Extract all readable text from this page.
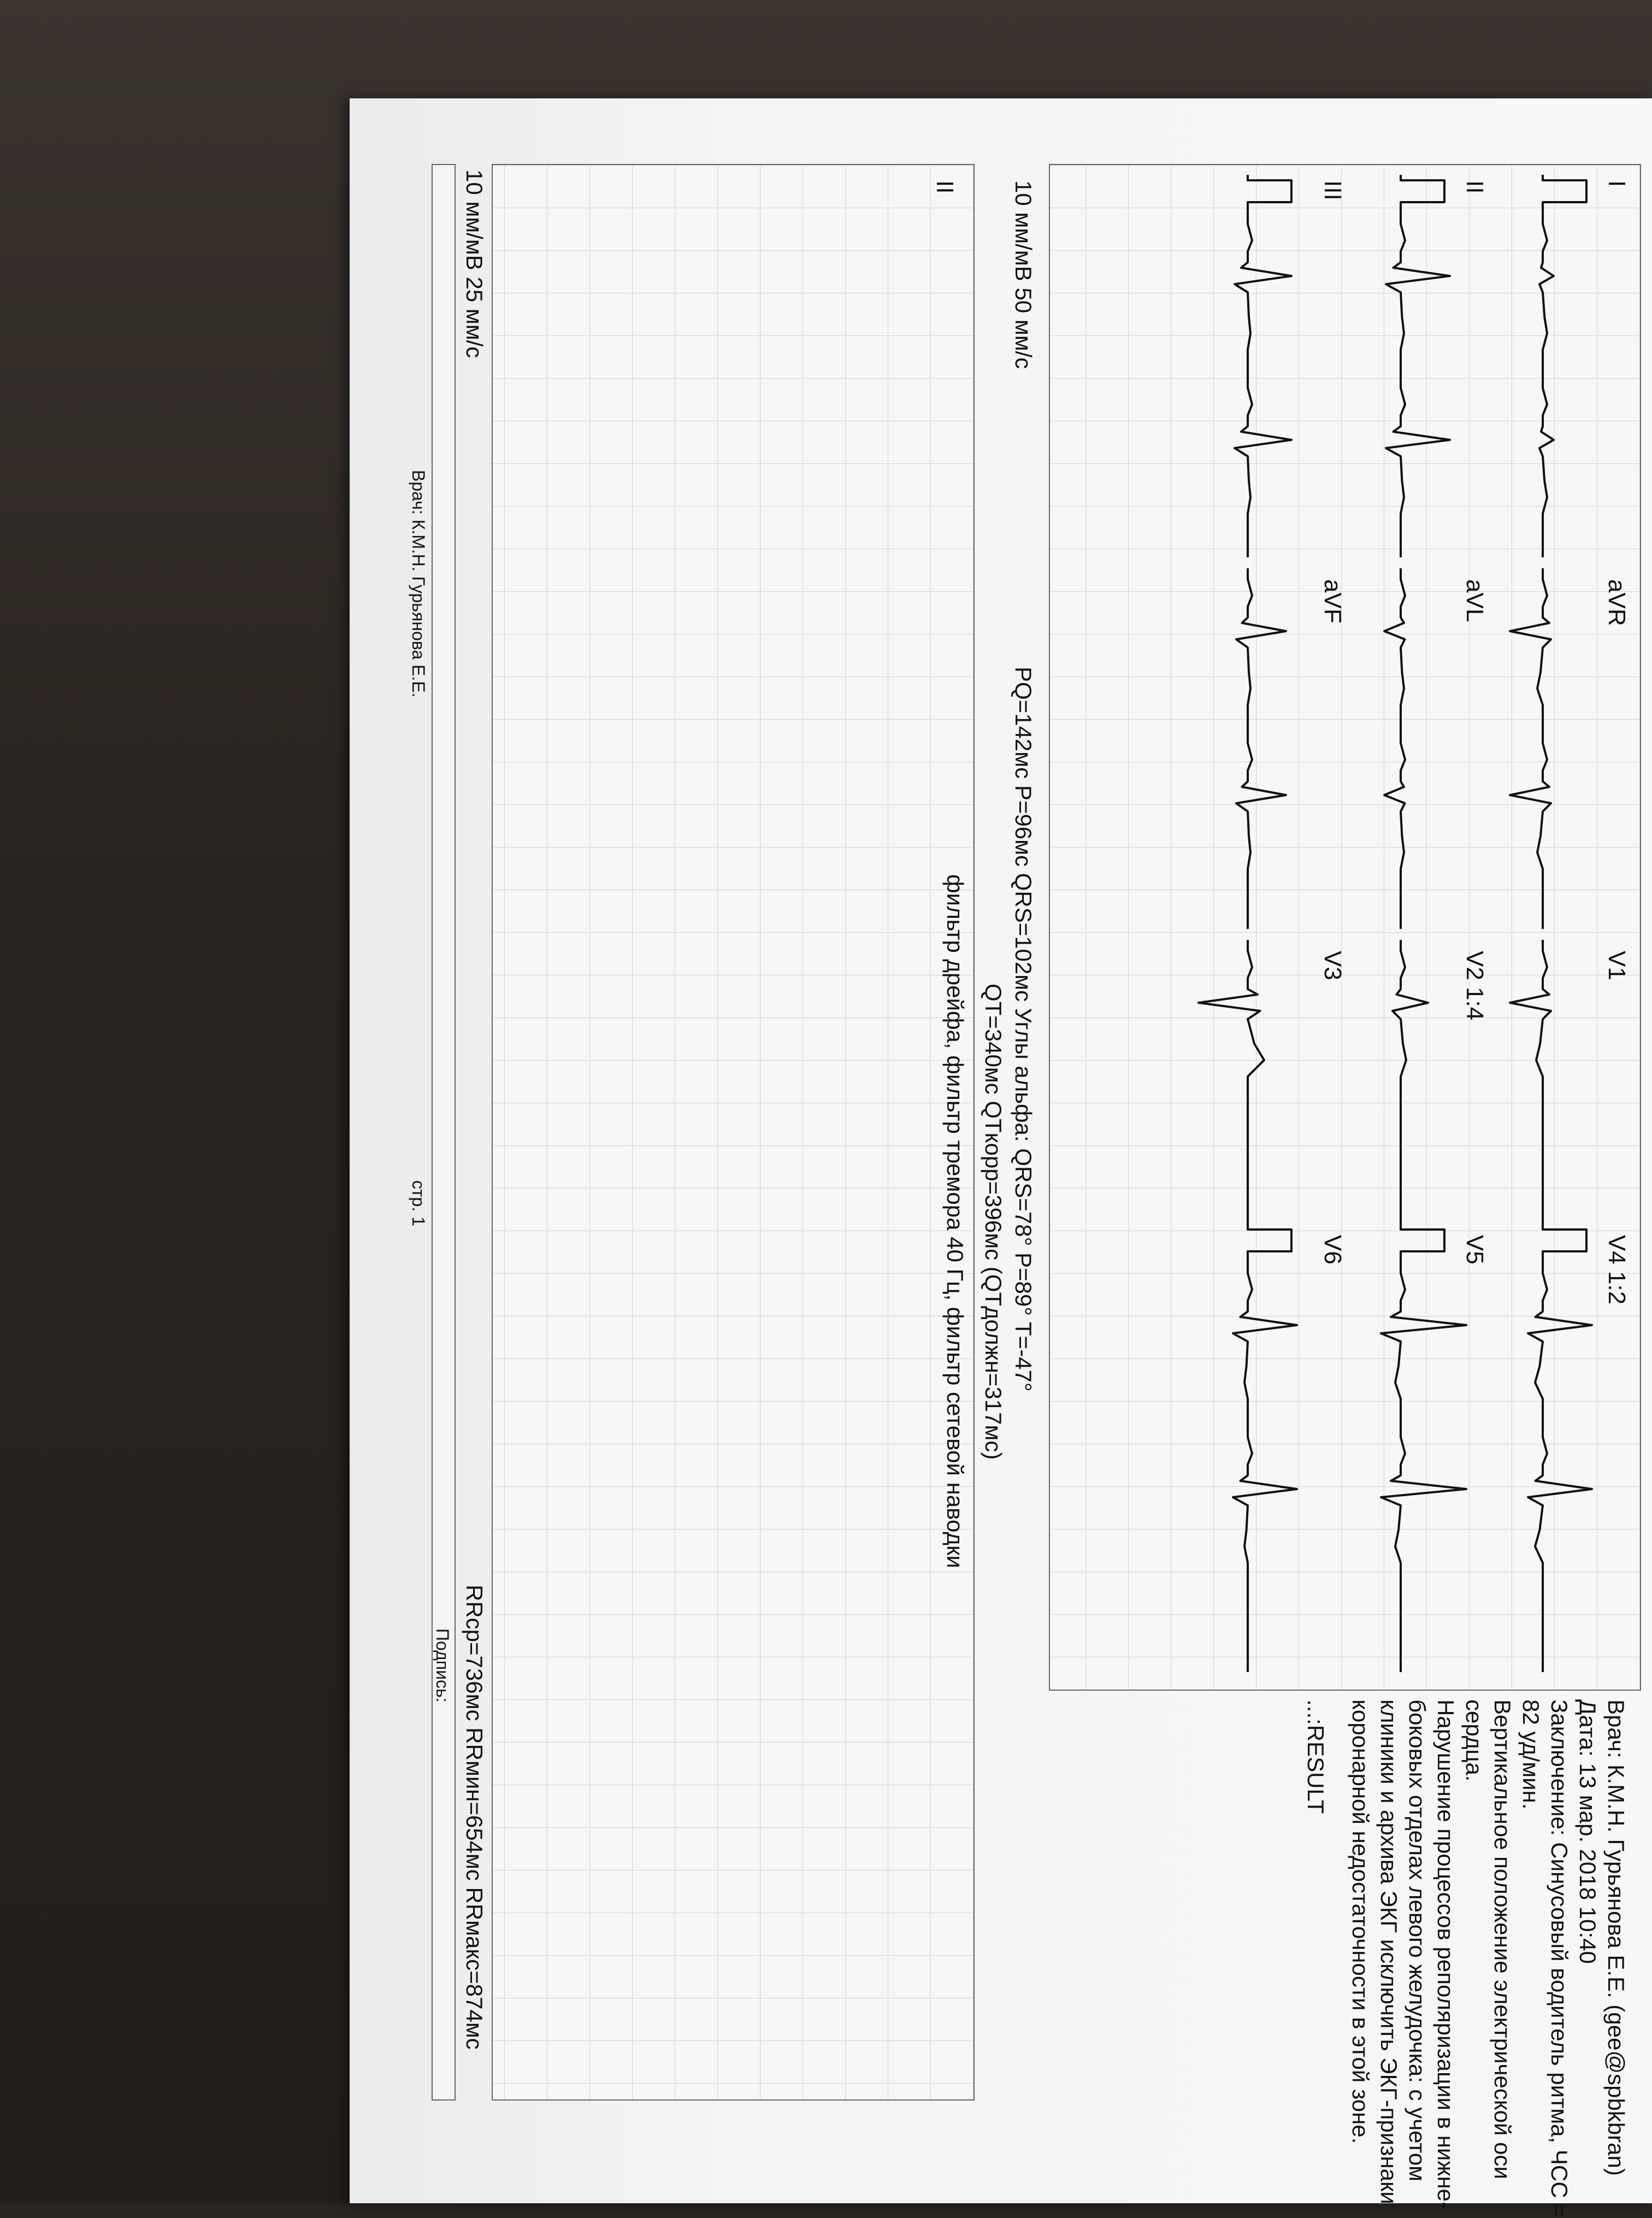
Врач: К.М.Н. Гурьянова Е.Е. (gee@spbkbran)
Дата: 13 мар. 2018 10:40
Заключение: Синусовый водитель ритма, ЧСС =
82 уд/мин.
Вертикальное положение электрической оси
сердца.
Нарушение процессов реполяризации в нижне-
боковых отделах левого желудочка: с учетом
клиники и архива ЭКГ исключить ЭКГ-признаки
коронарной недостаточности в этой зоне.
...:RESULT
I
II
III
aVR
aVL
aVF
V1
V2 1:4
V3
V4 1:2
V5
V6
10 мм/мВ 50 мм/с
PQ=142мс P=96мс QRS=102мс Углы альфа: QRS=78° P=89° T=-47°
QT=340мс QTкорр=396мс (QTдолжн=317мс)
II
фильтр дрейфа, фильтр тремора 40 Гц, фильтр сетевой наводки
10 мм/мВ 25 мм/с
RRср=736мс RRмин=654мс RRмакс=874мс
Подпись:
Врач: К.М.Н. Гурьянова Е.Е.
стр. 1
